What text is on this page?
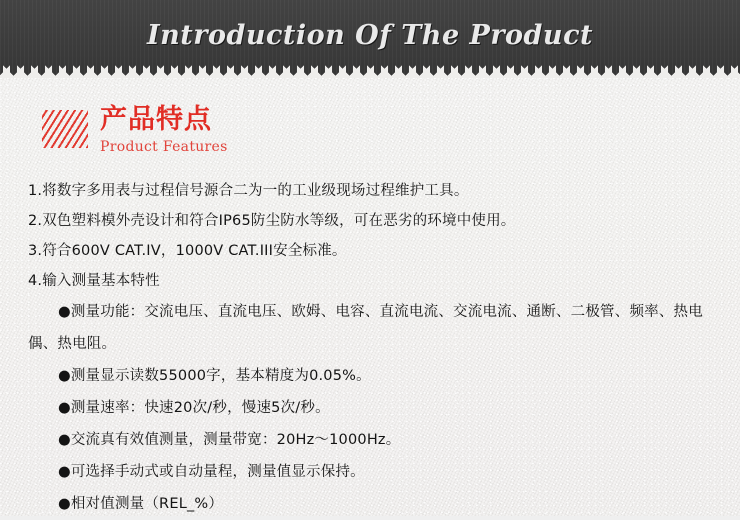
Introduction Of The Product
产品特点
Product Features
1.将数字多用表与过程信号源合二为一的工业级现场过程维护工具。
2.双色塑料模外壳设计和符合IP65防尘防水等级，可在恶劣的环境中使用。
3.符合600V CAT.IV，1000V CAT.III安全标准。
4.输入测量基本特性
●测量功能：交流电压、直流电压、欧姆、电容、直流电流、交流电流、通断、二极管、频率、热电偶、热电阻。
●测量显示读数55000字，基本精度为0.05%。
●测量速率：快速20次/秒，慢速5次/秒。
●交流真有效值测量，测量带宽：20Hz～1000Hz。
●可选择手动式或自动量程，测量值显示保持。
●相对值测量（REL_%）
